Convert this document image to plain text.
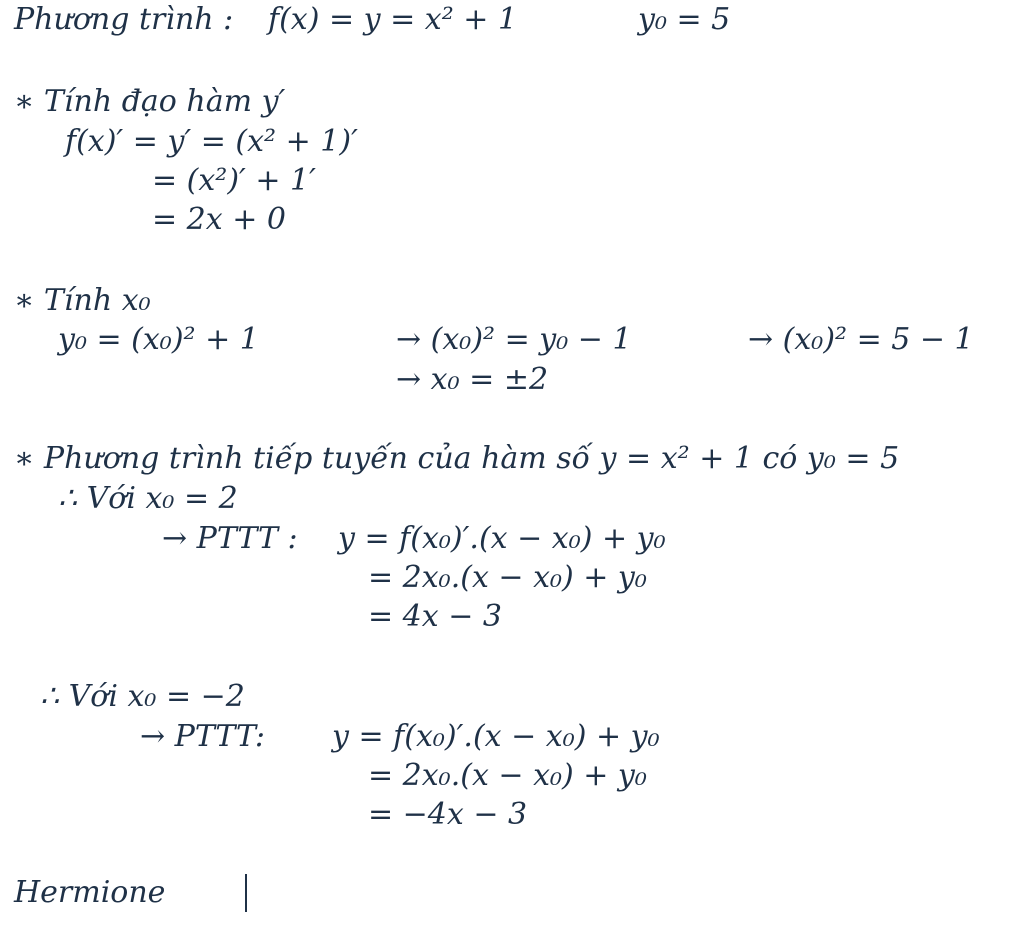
Phương trình : f(x) = y = x² + 1	y₀ = 5
∗ Tính đạo hàm y′
f(x)′ = y′ = (x² + 1)′
= (x²)′ + 1′
= 2x + 0
∗ Tính x₀
y₀ = (x₀)² + 1	→ (x₀)² = y₀ − 1	→ (x₀)² = 5 − 1
→ x₀ = ±2
∗ Phương trình tiếp tuyến của hàm số y = x² + 1 có y₀ = 5
∴ Với x₀ = 2
→ PTTT : y = f(x₀)′.(x − x₀) + y₀
= 2x₀.(x − x₀) + y₀
= 4x − 3
∴ Với x₀ = −2
→ PTTT: y = f(x₀)′.(x − x₀) + y₀
= 2x₀.(x − x₀) + y₀
= −4x − 3
Hermione
